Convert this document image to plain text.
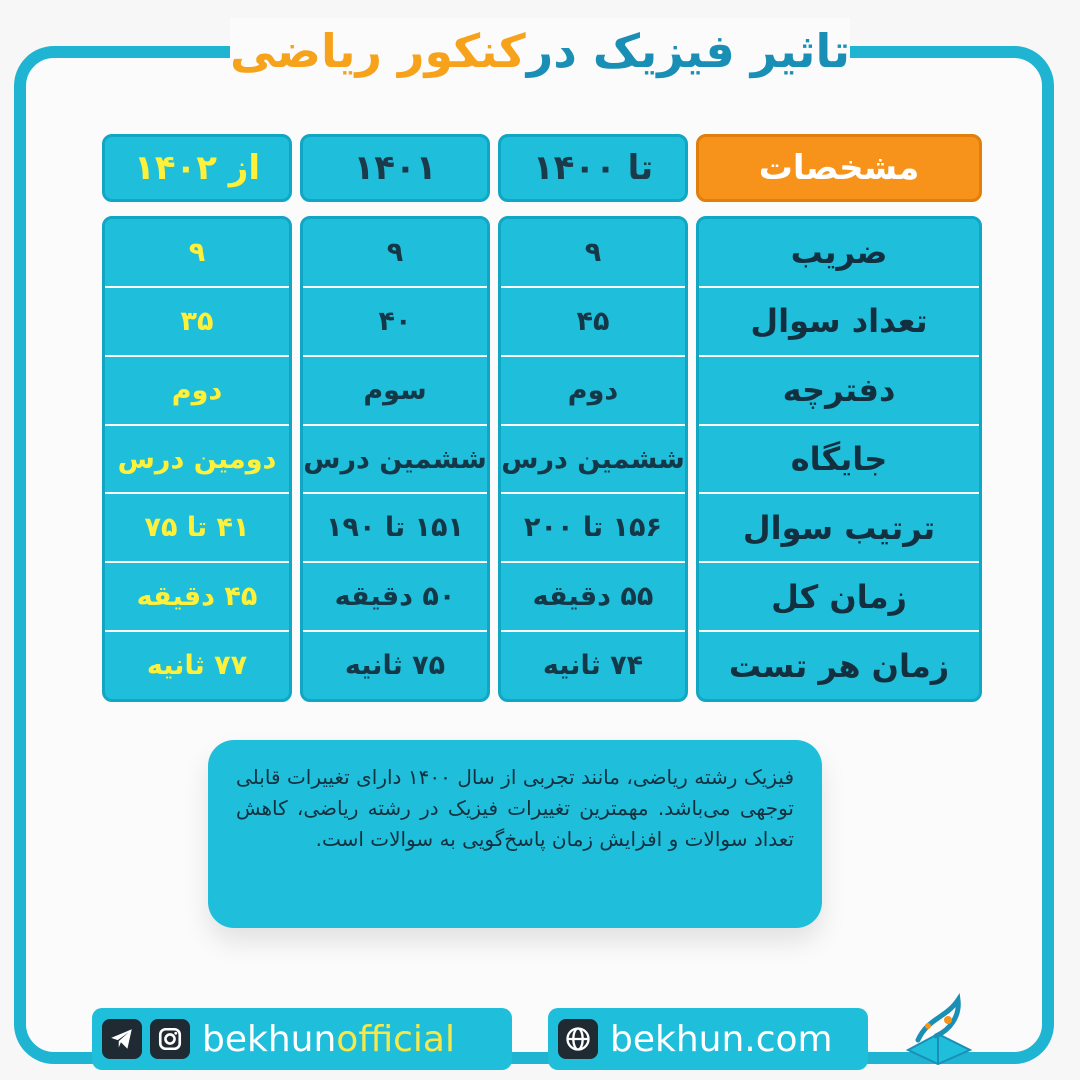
تاثیر فیزیک در
کنکور ریاضی
مشخصات
تا ۱۴۰۰
۱۴۰۱
از ۱۴۰۲
ضریب
تعداد سوال
دفترچه
جایگاه
ترتیب سوال
زمان کل
زمان هر تست
۹
۴۵
دوم
ششمین درس
۱۵۶ تا ۲۰۰
۵۵ دقیقه
۷۴ ثانیه
۹
۴۰
سوم
ششمین درس
۱۵۱ تا ۱۹۰
۵۰ دقیقه
۷۵ ثانیه
۹
۳۵
دوم
دومین درس
۴۱ تا ۷۵
۴۵ دقیقه
۷۷ ثانیه
فیزیک رشته ریاضی، مانند تجربی از سال ۱۴۰۰ دارای تغییرات قابلی توجهی می‌باشد. مهمترین تغییرات فیزیک در رشته ریاضی، کاهش تعداد سوالات و افزایش زمان پاسخ‌گویی به سوالات است.
bekhunofficial	bekhun.com
